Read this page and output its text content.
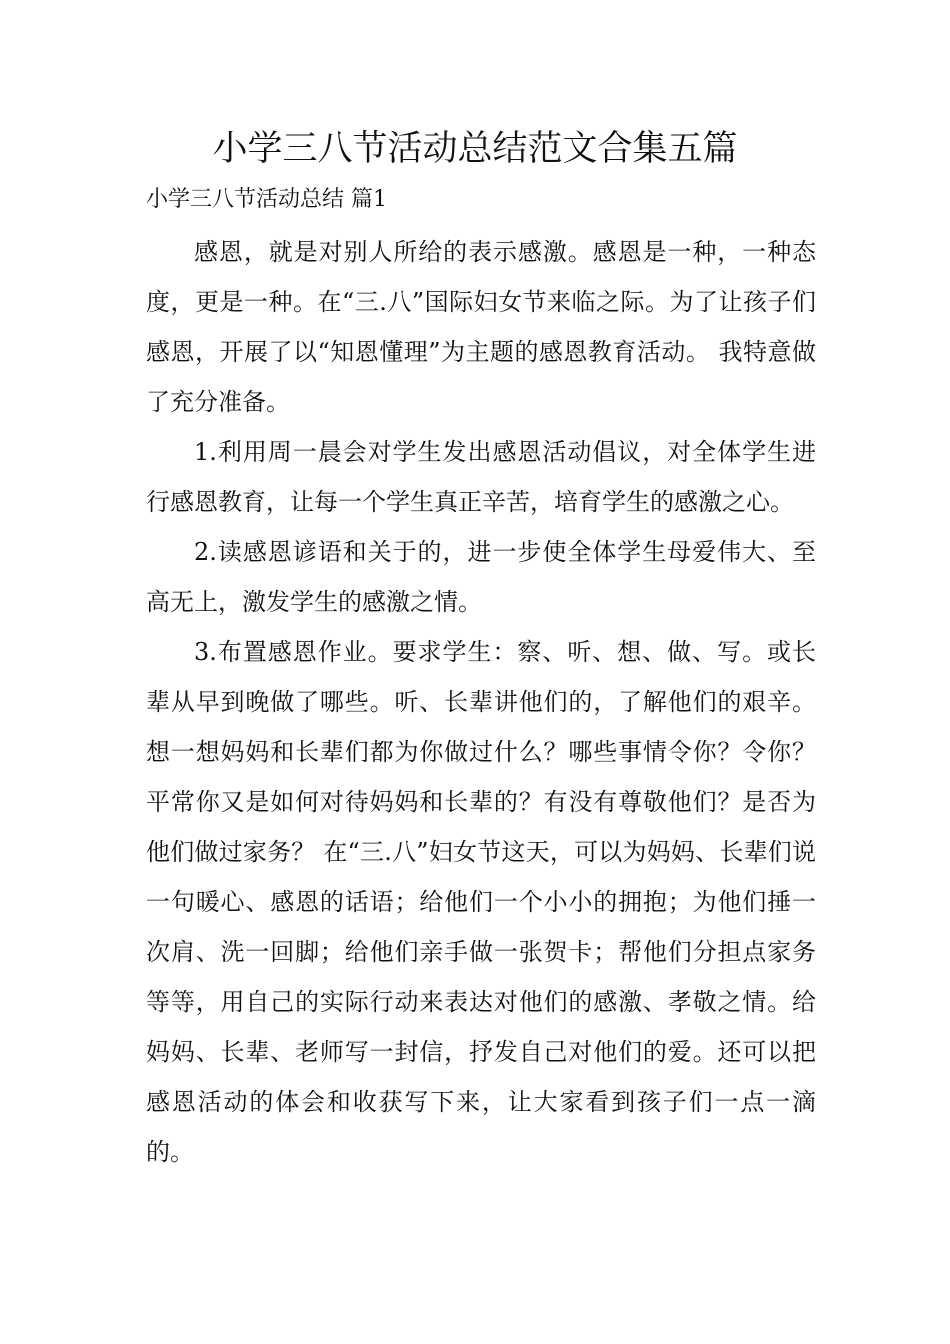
小学三八节活动总结范文合集五篇
小学三八节活动总结 篇1

感恩，就是对别人所给的表示感激。感恩是一种，一种态度，更是一种。在“三.八”国际妇女节来临之际。为了让孩子们感恩，开展了以“知恩懂理”为主题的感恩教育活动。 我特意做了充分准备。

1.利用周一晨会对学生发出感恩活动倡议，对全体学生进行感恩教育，让每一个学生真正辛苦，培育学生的感激之心。

2.读感恩谚语和关于的，进一步使全体学生母爱伟大、至高无上，激发学生的感激之情。

3.布置感恩作业。要求学生：察、听、想、做、写。或长辈从早到晚做了哪些。听、长辈讲他们的，了解他们的艰辛。想一想妈妈和长辈们都为你做过什么？哪些事情令你？令你？平常你又是如何对待妈妈和长辈的？有没有尊敬他们？是否为他们做过家务？ 在“三.八”妇女节这天，可以为妈妈、长辈们说一句暖心、感恩的话语；给他们一个小小的拥抱；为他们捶一次肩、洗一回脚；给他们亲手做一张贺卡；帮他们分担点家务等等，用自己的实际行动来表达对他们的感激、孝敬之情。给妈妈、长辈、老师写一封信，抒发自己对他们的爱。还可以把感恩活动的体会和收获写下来，让大家看到孩子们一点一滴的。
